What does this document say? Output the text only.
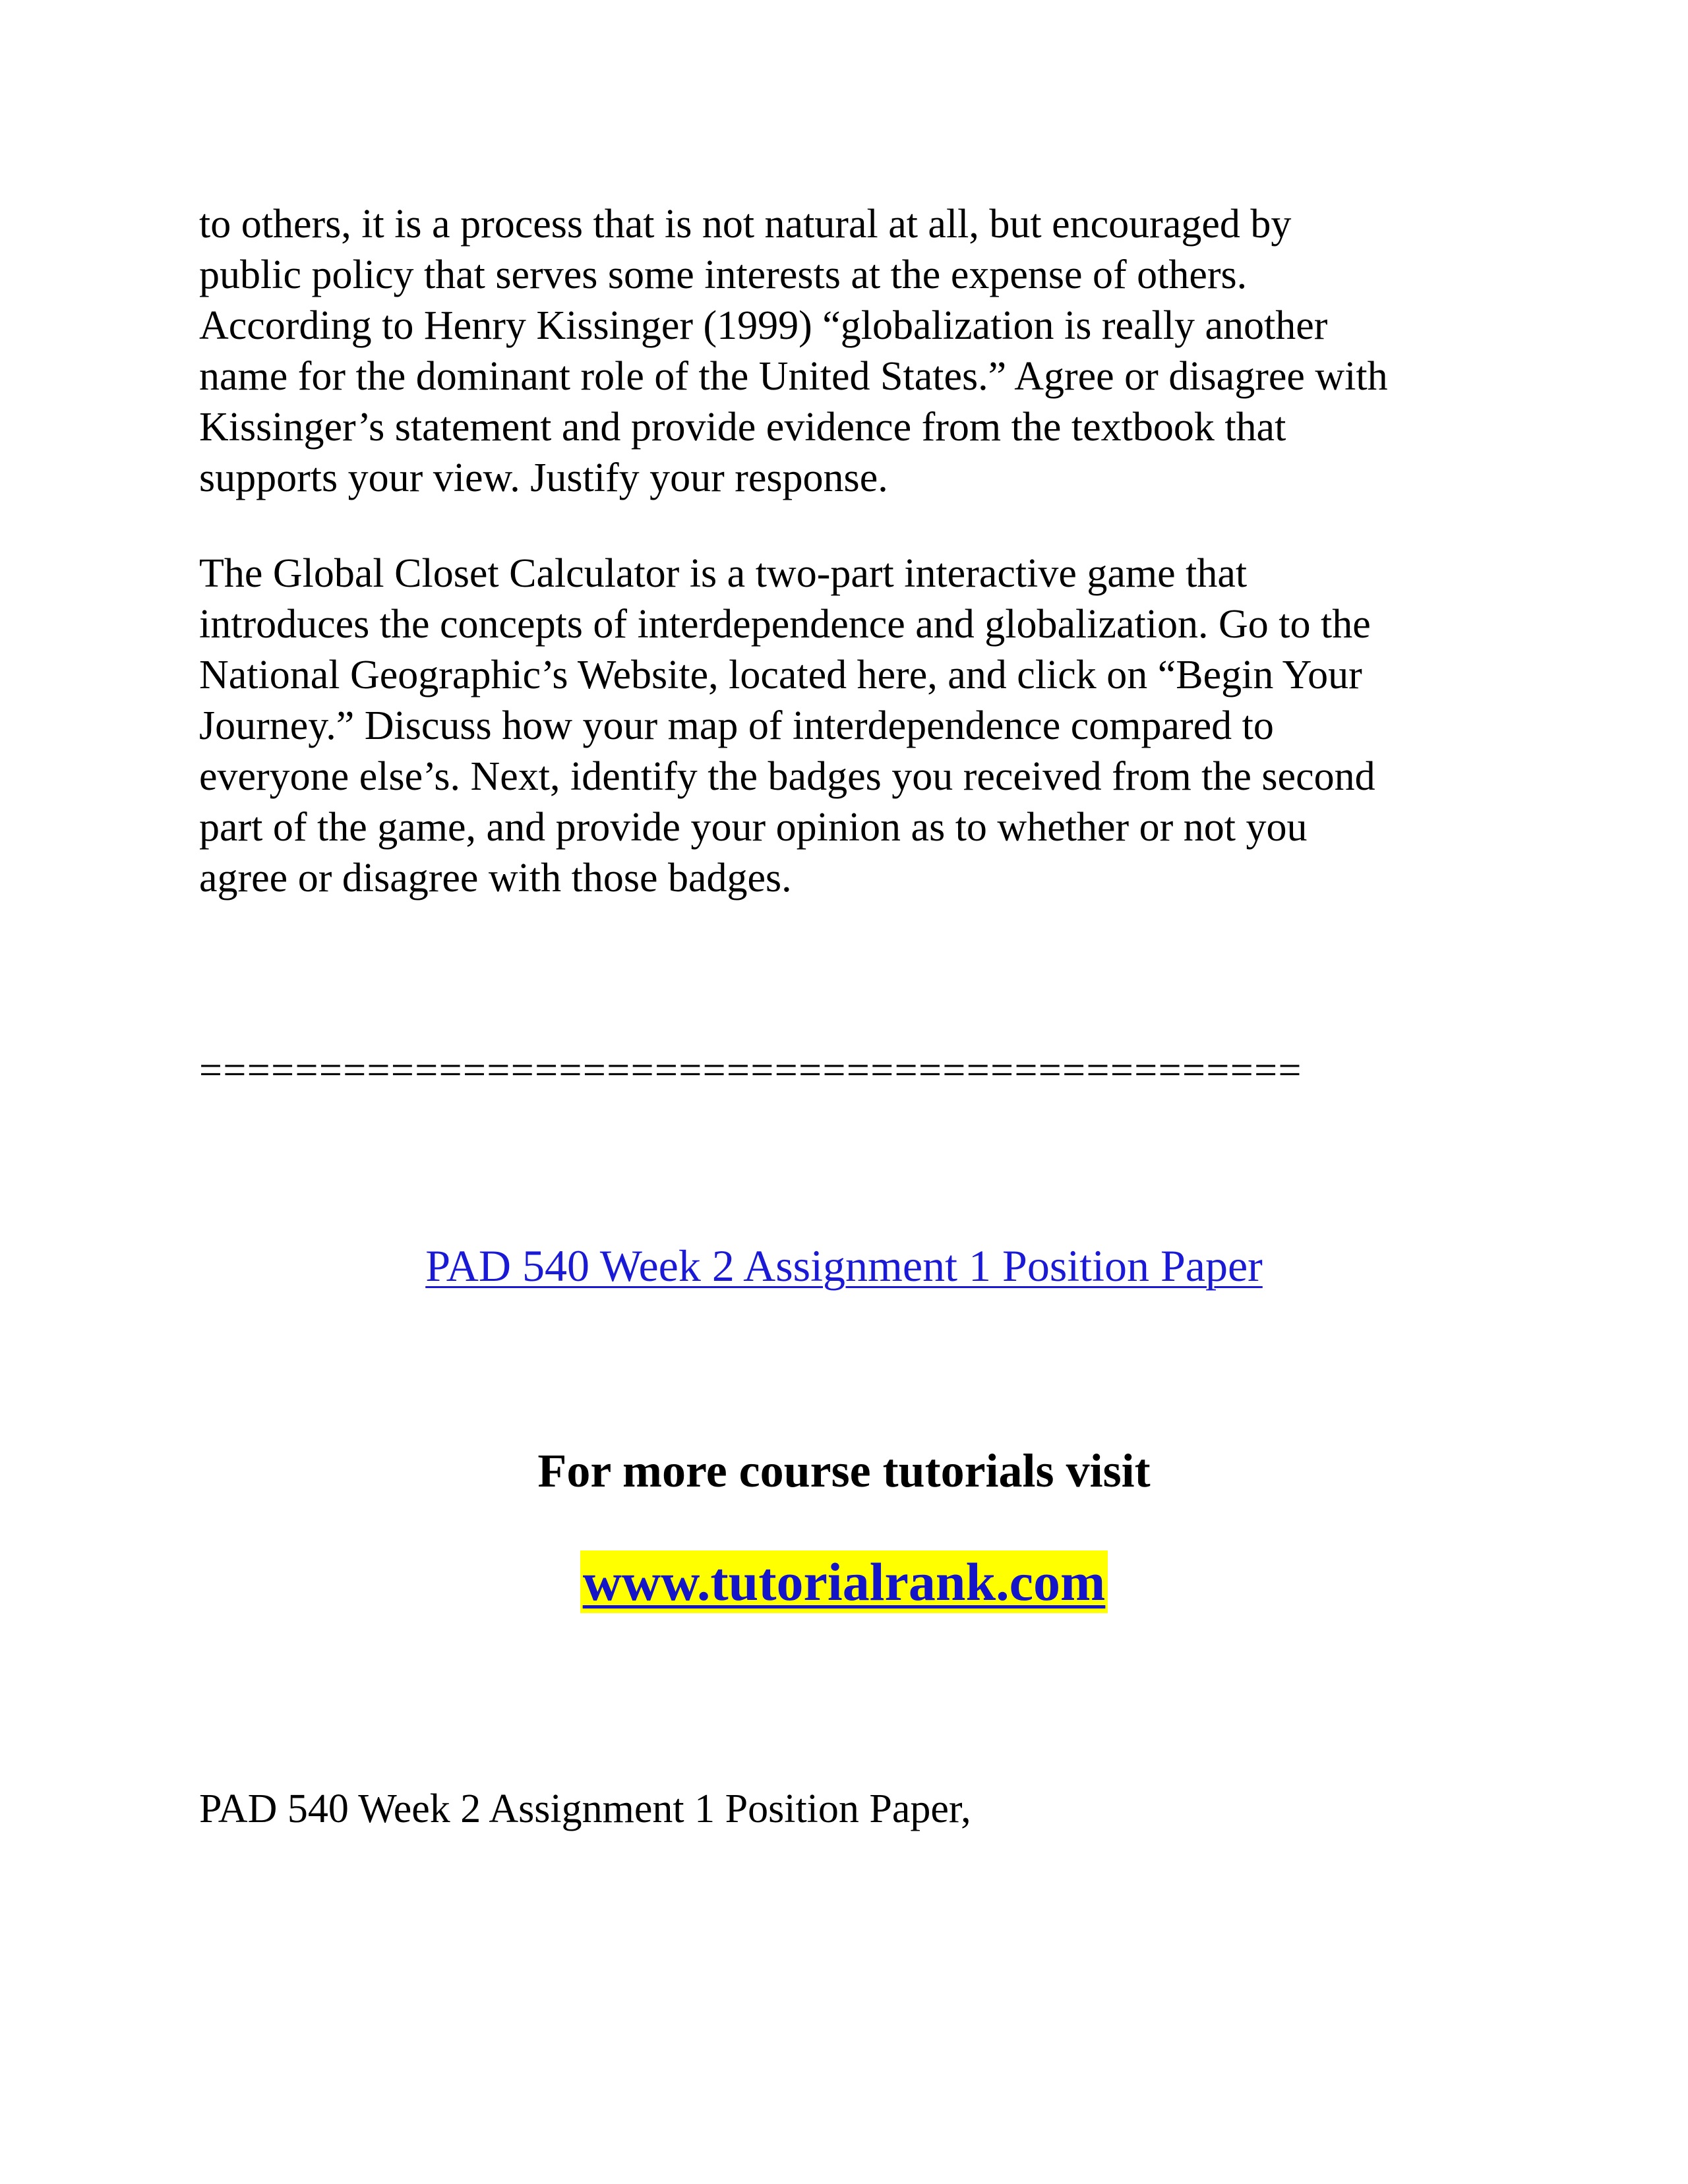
to others, it is a process that is not natural at all, but encouraged by
public policy that serves some interests at the expense of others.
According to Henry Kissinger (1999) “globalization is really another
name for the dominant role of the United States.” Agree or disagree with
Kissinger’s statement and provide evidence from the textbook that
supports your view. Justify your response.

The Global Closet Calculator is a two-part interactive game that
introduces the concepts of interdependence and globalization. Go to the
National Geographic’s Website, located here, and click on “Begin Your
Journey.” Discuss how your map of interdependence compared to
everyone else’s. Next, identify the badges you received from the second
part of the game, and provide your opinion as to whether or not you
agree or disagree with those badges.

==============================================
PAD 540 Week 2 Assignment 1 Position Paper
For more course tutorials visit
www.tutorialrank.com
PAD 540 Week 2 Assignment 1 Position Paper,
